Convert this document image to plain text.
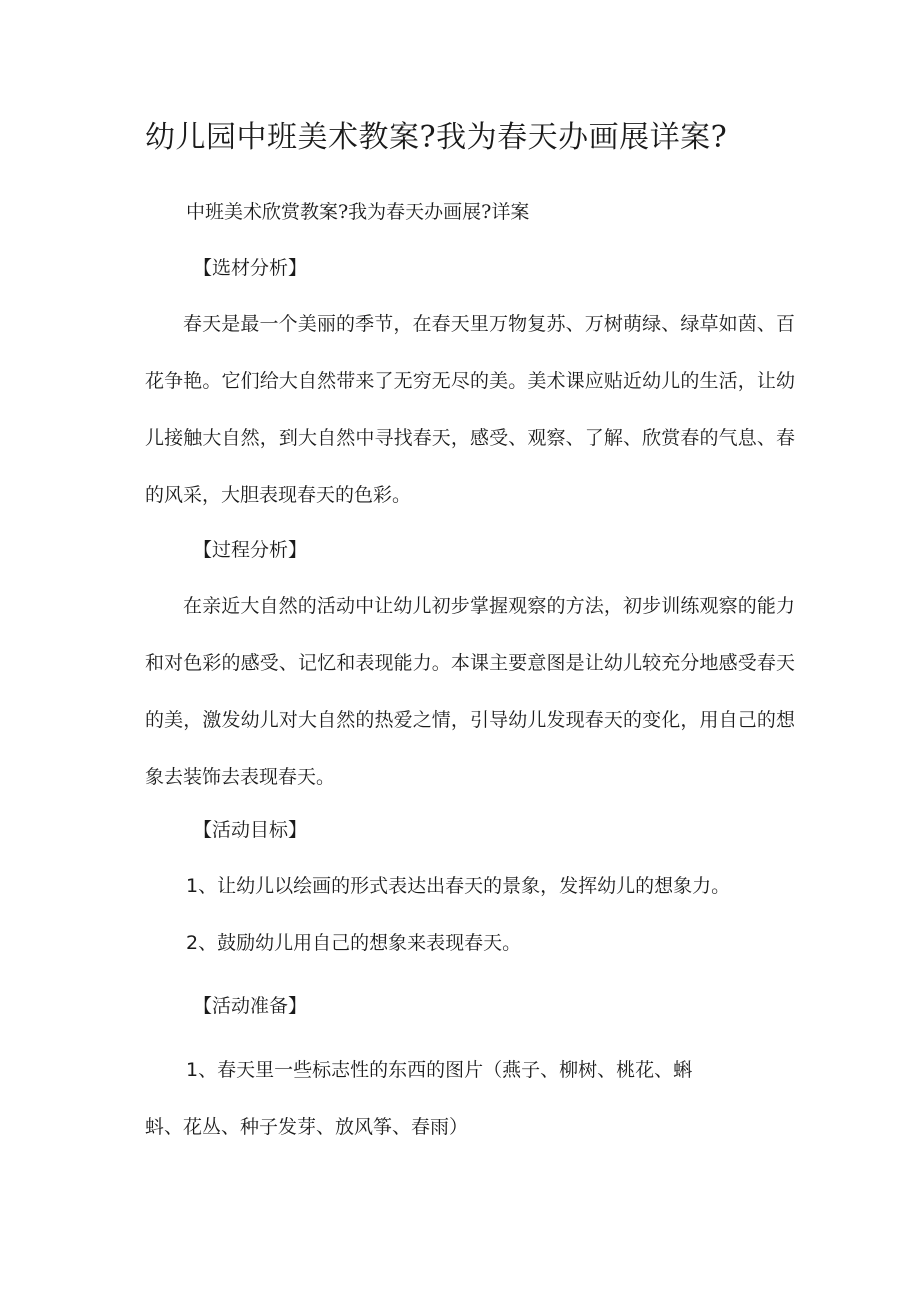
幼儿园中班美术教案?我为春天办画展详案?
中班美术欣赏教案?我为春天办画展?详案
【选材分析】

春天是最一个美丽的季节，在春天里万物复苏、万树萌绿、绿草如茵、百花争艳。它们给大自然带来了无穷无尽的美。美术课应贴近幼儿的生活，让幼儿接触大自然，到大自然中寻找春天，感受、观察、了解、欣赏春的气息、春的风采，大胆表现春天的色彩。

【过程分析】

在亲近大自然的活动中让幼儿初步掌握观察的方法，初步训练观察的能力和对色彩的感受、记忆和表现能力。本课主要意图是让幼儿较充分地感受春天的美，激发幼儿对大自然的热爱之情，引导幼儿发现春天的变化，用自己的想象去装饰去表现春天。

【活动目标】
1、让幼儿以绘画的形式表达出春天的景象，发挥幼儿的想象力。
2、鼓励幼儿用自己的想象来表现春天。
【活动准备】
1、春天里一些标志性的东西的图片（燕子、柳树、桃花、蝌
蚪、花丛、种子发芽、放风筝、春雨）
